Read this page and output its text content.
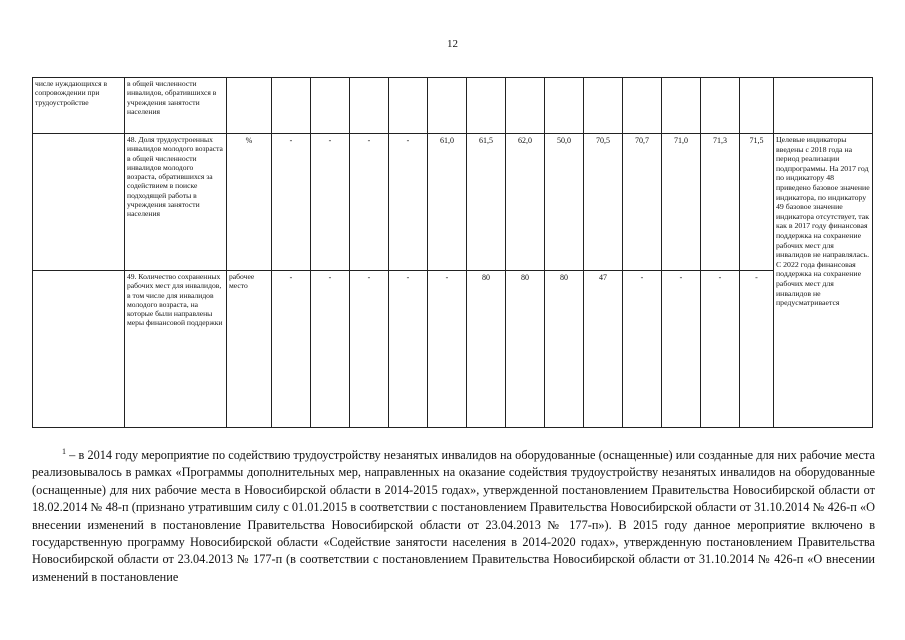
12
числе нуждающихся в сопровождении при трудоустройстве	в общей численности инвалидов, обратившихся в учреждения занятости населения															
	48. Доля трудоустроенных инвалидов молодого возраста в общей численности инвалидов молодого возраста, обратившихся за содействием в поиске подходящей работы в учреждения занятости населения	%	-	-	-	-	61,0	61,5	62,0	50,0	70,5	70,7	71,0	71,3	71,5	Целевые индикаторы введены с 2018 года на период реализации подпрограммы. На 2017 год по индикатору 48 приведено базовое значение индикатора, по индикатору 49 базовое значение индикатора отсутствует, так как в 2017 году финансовая поддержка на сохранение рабочих мест для инвалидов не направлялась. С 2022 года финансовая поддержка на сохранение рабочих мест для инвалидов не предусматривается
	49. Количество сохраненных рабочих мест для инвалидов, в том числе для инвалидов молодого возраста, на которые были направлены меры финансовой поддержки	рабочее место	-	-	-	-	-	80	80	80	47	-	-	-	-	

$^1$ – в 2014 году мероприятие по содействию трудоустройству незанятых инвалидов на оборудованные (оснащенные) или созданные для них рабочие места реализовывалось в рамках «Программы дополнительных мер, направленных на оказание содействия трудоустройству незанятых инвалидов на оборудованные (оснащенные) для них рабочие места в Новосибирской области в 2014-2015 годах», утвержденной постановлением Правительства Новосибирской области от 18.02.2014 № 48-п (признано утратившим силу с 01.01.2015 в соответствии с постановлением Правительства Новосибирской области от 31.10.2014 № 426-п «О внесении изменений в постановление Правительства Новосибирской области от 23.04.2013 № 177-п»). В 2015 году данное мероприятие включено в государственную программу Новосибирской области «Содействие занятости населения в 2014-2020 годах», утвержденную постановлением Правительства Новосибирской области от 23.04.2013 № 177-п (в соответствии с постановлением Правительства Новосибирской области от 31.10.2014 № 426-п «О внесении изменений в постановление
